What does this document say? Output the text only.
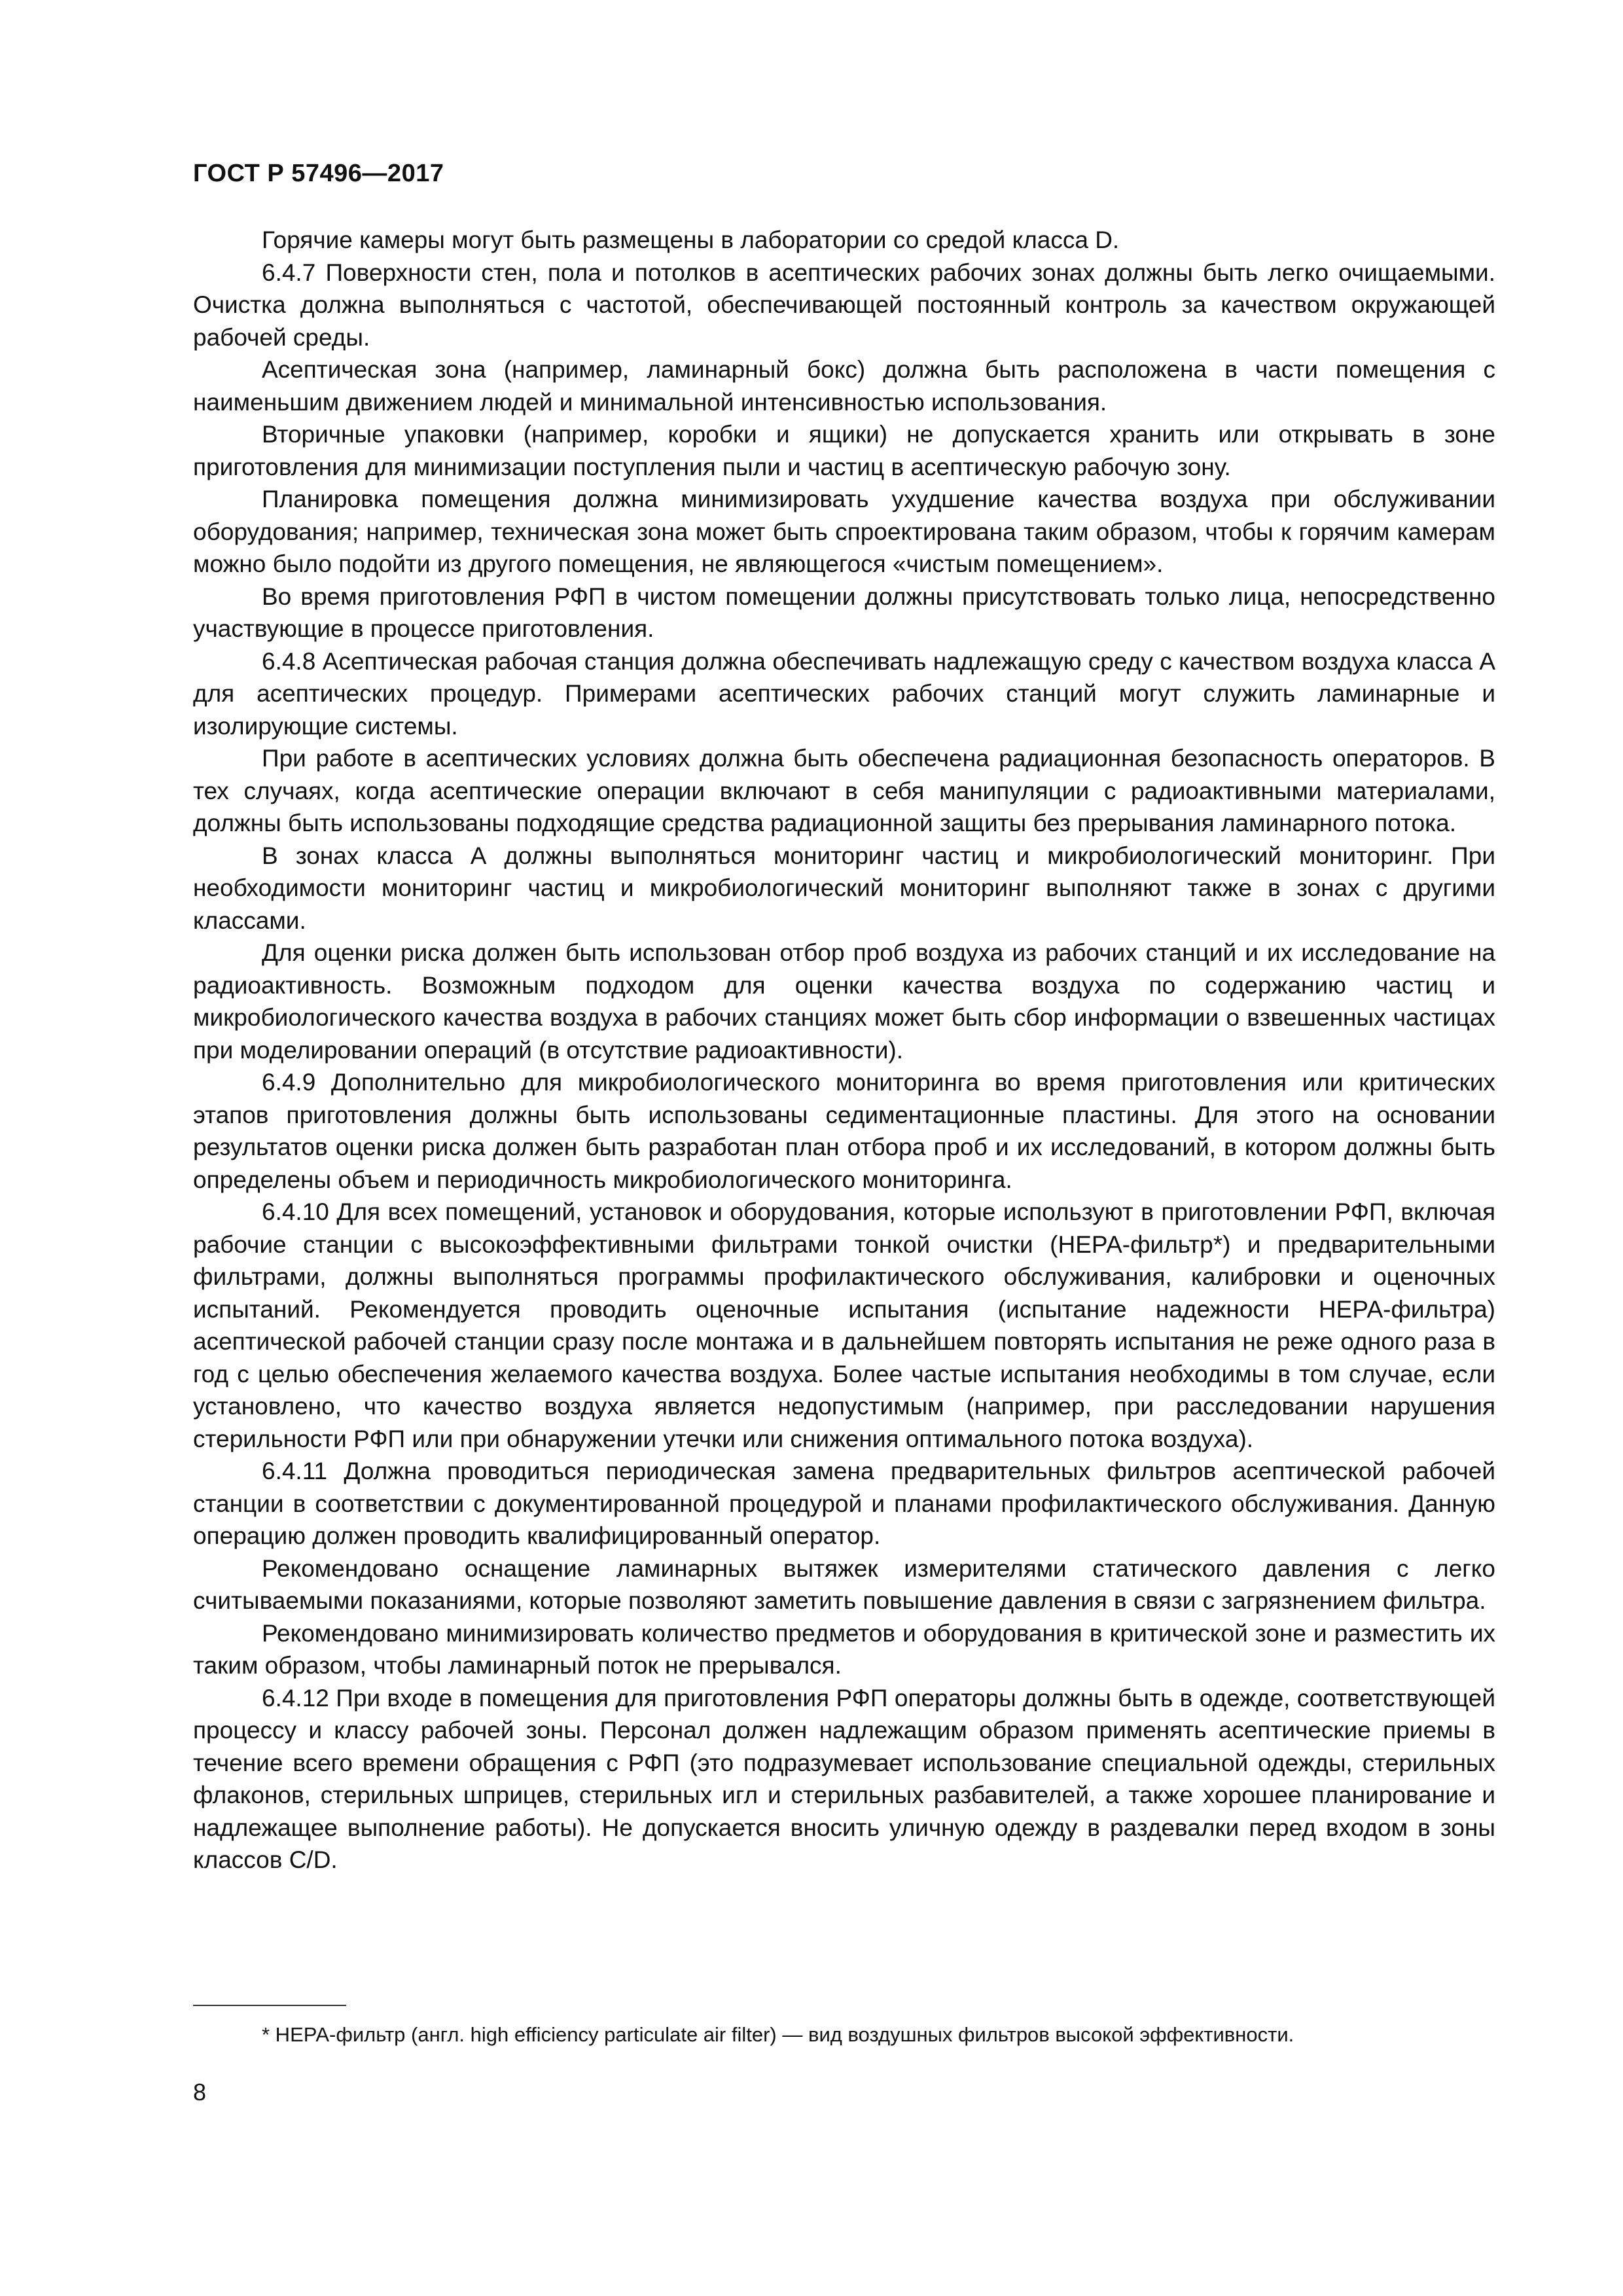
ГОСТ Р 57496—2017

Горячие камеры могут быть размещены в лаборатории со средой класса D.

6.4.7 Поверхности стен, пола и потолков в асептических рабочих зонах должны быть легко очищаемыми. Очистка должна выполняться с частотой, обеспечивающей постоянный контроль за качеством окружающей рабочей среды.

Асептическая зона (например, ламинарный бокс) должна быть расположена в части помещения с наименьшим движением людей и минимальной интенсивностью использования.

Вторичные упаковки (например, коробки и ящики) не допускается хранить или открывать в зоне приготовления для минимизации поступления пыли и частиц в асептическую рабочую зону.

Планировка помещения должна минимизировать ухудшение качества воздуха при обслуживании оборудования; например, техническая зона может быть спроектирована таким образом, чтобы к горячим камерам можно было подойти из другого помещения, не являющегося «чистым помещением».

Во время приготовления РФП в чистом помещении должны присутствовать только лица, непосредственно участвующие в процессе приготовления.

6.4.8 Асептическая рабочая станция должна обеспечивать надлежащую среду с качеством воздуха класса А для асептических процедур. Примерами асептических рабочих станций могут служить ламинарные и изолирующие системы.

При работе в асептических условиях должна быть обеспечена радиационная безопасность операторов. В тех случаях, когда асептические операции включают в себя манипуляции с радиоактивными материалами, должны быть использованы подходящие средства радиационной защиты без прерывания ламинарного потока.

В зонах класса А должны выполняться мониторинг частиц и микробиологический мониторинг. При необходимости мониторинг частиц и микробиологический мониторинг выполняют также в зонах с другими классами.

Для оценки риска должен быть использован отбор проб воздуха из рабочих станций и их исследование на радиоактивность. Возможным подходом для оценки качества воздуха по содержанию частиц и микробиологического качества воздуха в рабочих станциях может быть сбор информации о взвешенных частицах при моделировании операций (в отсутствие радиоактивности).

6.4.9 Дополнительно для микробиологического мониторинга во время приготовления или критических этапов приготовления должны быть использованы седиментационные пластины. Для этого на основании результатов оценки риска должен быть разработан план отбора проб и их исследований, в котором должны быть определены объем и периодичность микробиологического мониторинга.

6.4.10 Для всех помещений, установок и оборудования, которые используют в приготовлении РФП, включая рабочие станции с высокоэффективными фильтрами тонкой очистки (НЕРА-фильтр*) и предварительными фильтрами, должны выполняться программы профилактического обслуживания, калибровки и оценочных испытаний. Рекомендуется проводить оценочные испытания (испытание надежности НЕРА-фильтра) асептической рабочей станции сразу после монтажа и в дальнейшем повторять испытания не реже одного раза в год с целью обеспечения желаемого качества воздуха. Более частые испытания необходимы в том случае, если установлено, что качество воздуха является недопустимым (например, при расследовании нарушения стерильности РФП или при обнаружении утечки или снижения оптимального потока воздуха).

6.4.11 Должна проводиться периодическая замена предварительных фильтров асептической рабочей станции в соответствии с документированной процедурой и планами профилактического обслуживания. Данную операцию должен проводить квалифицированный оператор.

Рекомендовано оснащение ламинарных вытяжек измерителями статического давления с легко считываемыми показаниями, которые позволяют заметить повышение давления в связи с загрязнением фильтра.

Рекомендовано минимизировать количество предметов и оборудования в критической зоне и разместить их таким образом, чтобы ламинарный поток не прерывался.

6.4.12 При входе в помещения для приготовления РФП операторы должны быть в одежде, соответствующей процессу и классу рабочей зоны. Персонал должен надлежащим образом применять асептические приемы в течение всего времени обращения с РФП (это подразумевает использование специальной одежды, стерильных флаконов, стерильных шприцев, стерильных игл и стерильных разбавителей, а также хорошее планирование и надлежащее выполнение работы). Не допускается вносить уличную одежду в раздевалки перед входом в зоны классов C/D.

* НЕРА-фильтр (англ. high efficiency particulate air filter) — вид воздушных фильтров высокой эффективности.
8
